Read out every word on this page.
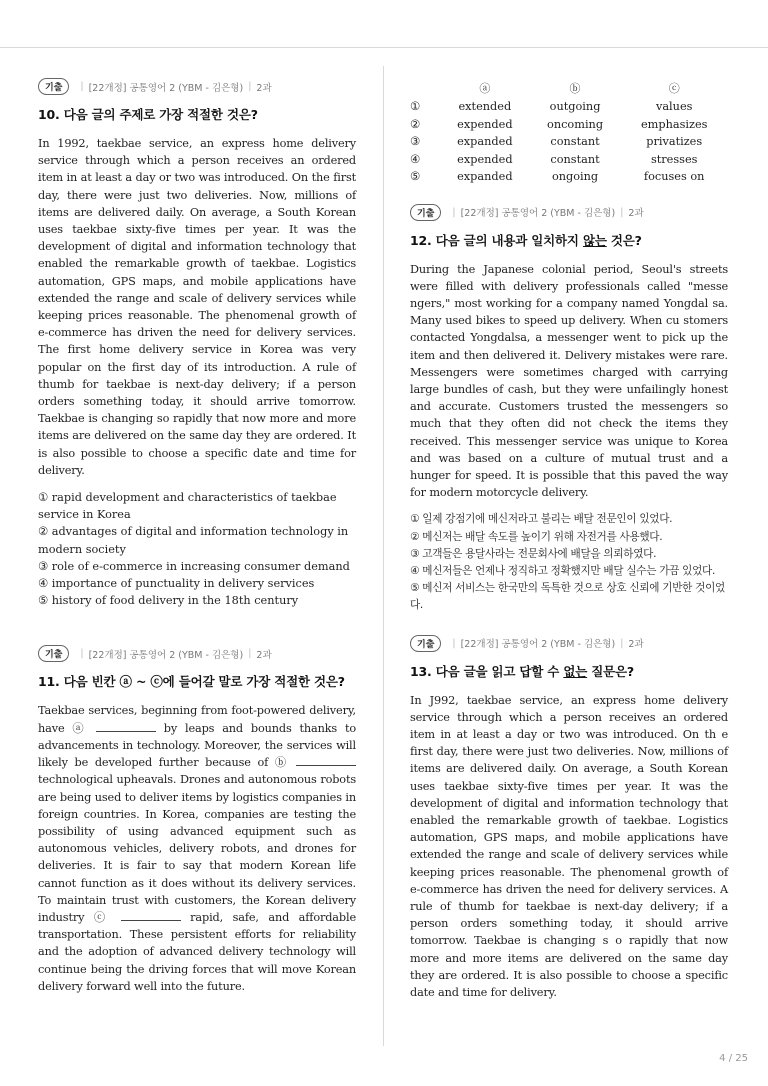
기출	| [22개정] 공통영어 2 (YBM - 김은형) | 2과

10. 다음 글의 주제로 가장 적절한 것은?

In 1992, taekbae service, an express home delivery service through which a person receives an ordered item in at least a day or two was introduced. On the first day, there were just two deliveries. Now, millions of items are delivered daily. On average, a South Korean uses taekbae sixty-five times per year. It was the development of digital and information technology that enabled the remarkable growth of taekbae. Logistics automation, GPS maps, and mobile applications have extended the range and scale of delivery services while keeping prices reasonable. The phenomenal growth of e-commerce has driven the need for delivery services. The first home delivery service in Korea was very popular on the first day of its introduction. A rule of thumb for taekbae is next-day delivery; if a person orders something today, it should arrive tomorrow. Taekbae is changing so rapidly that now more and more items are delivered on the same day they are ordered. It is also possible to choose a specific date and time for delivery.

① rapid development and characteristics of taekbae service in Korea

② advantages of digital and information technology in modern society

③ role of e-commerce in increasing consumer demand

④ importance of punctuality in delivery services

⑤ history of food delivery in the 18th century

기출	| [22개정] 공통영어 2 (YBM - 김은형) | 2과

11. 다음 빈칸 ⓐ ~ ⓒ에 들어갈 말로 가장 적절한 것은?

Taekbae services, beginning from foot-powered delivery, have ⓐ	by leaps and bounds thanks to advancements in technology. Moreover, the services will likely be developed further because of ⓑ  technological upheavals. Drones and autonomous robots are being used to deliver items by logistics companies in foreign countries. In Korea, companies are testing the possibility of using advanced equipment such as autonomous vehicles, delivery robots, and drones for deliveries. It is fair to say that modern Korean life cannot function as it does without its delivery services. To maintain trust with customers, the Korean delivery industry ⓒ	rapid, safe, and affordable transportation. These persistent efforts for reliability and the adoption of advanced delivery technology will continue being the driving forces that will move Korean delivery forward well into the future.

	ⓐ	ⓑ	ⓒ
①	extended	outgoing	values
②	expended	oncoming	emphasizes
③	expanded	constant	privatizes
④	expended	constant	stresses
⑤	expanded	ongoing	focuses on
기출	| [22개정] 공통영어 2 (YBM - 김은형) | 2과

12. 다음 글의 내용과 일치하지 않는 것은?

During the Japanese colonial period, Seoul's streets were filled with delivery professionals called "messe ngers," most working for a company named Yongdal sa. Many used bikes to speed up delivery. When cu stomers contacted Yongdalsa, a messenger went to pick up the item and then delivered it. Delivery mistakes were rare. Messengers were sometimes charged with carrying large bundles of cash, but they were unfailingly honest and accurate. Customers trusted the messengers so much that they often did not check the items they received. This messenger service was unique to Korea and was based on a culture of mutual trust and a hunger for speed. It is possible that this paved the way for modern motorcycle delivery.

① 일제 강점기에 메신저라고 불리는 배달 전문인이 있었다.

② 메신저는 배달 속도를 높이기 위해 자전거를 사용했다.

③ 고객들은 용달사라는 전문회사에 배달을 의뢰하였다.

④ 메신저들은 언제나 정직하고 정확했지만 배달 실수는 가끔 있었다.

⑤ 메신저 서비스는 한국만의 독특한 것으로 상호 신뢰에 기반한 것이었다.

기출	| [22개정] 공통영어 2 (YBM - 김은형) | 2과

13. 다음 글을 읽고 답할 수 없는 질문은?

In J992, taekbae service, an express home delivery service through which a person receives an ordered item in at least a day or two was introduced. On th e first day, there were just two deliveries. Now, millions of items are delivered daily. On average, a South Korean uses taekbae sixty-five times per year. It was the development of digital and information technology that enabled the remarkable growth of taekbae. Logistics automation, GPS maps, and mobile applications have extended the range and scale of delivery services while keeping prices reasonable. The phenomenal growth of e-commerce has driven the need for delivery services. A rule of thumb for taekbae is next-day delivery; if a person orders something today, it should arrive tomorrow. Taekbae is changing s o rapidly that now more and more items are delivered on the same day they are ordered. It is also possible to choose a specific date and time for delivery.

4 / 25
